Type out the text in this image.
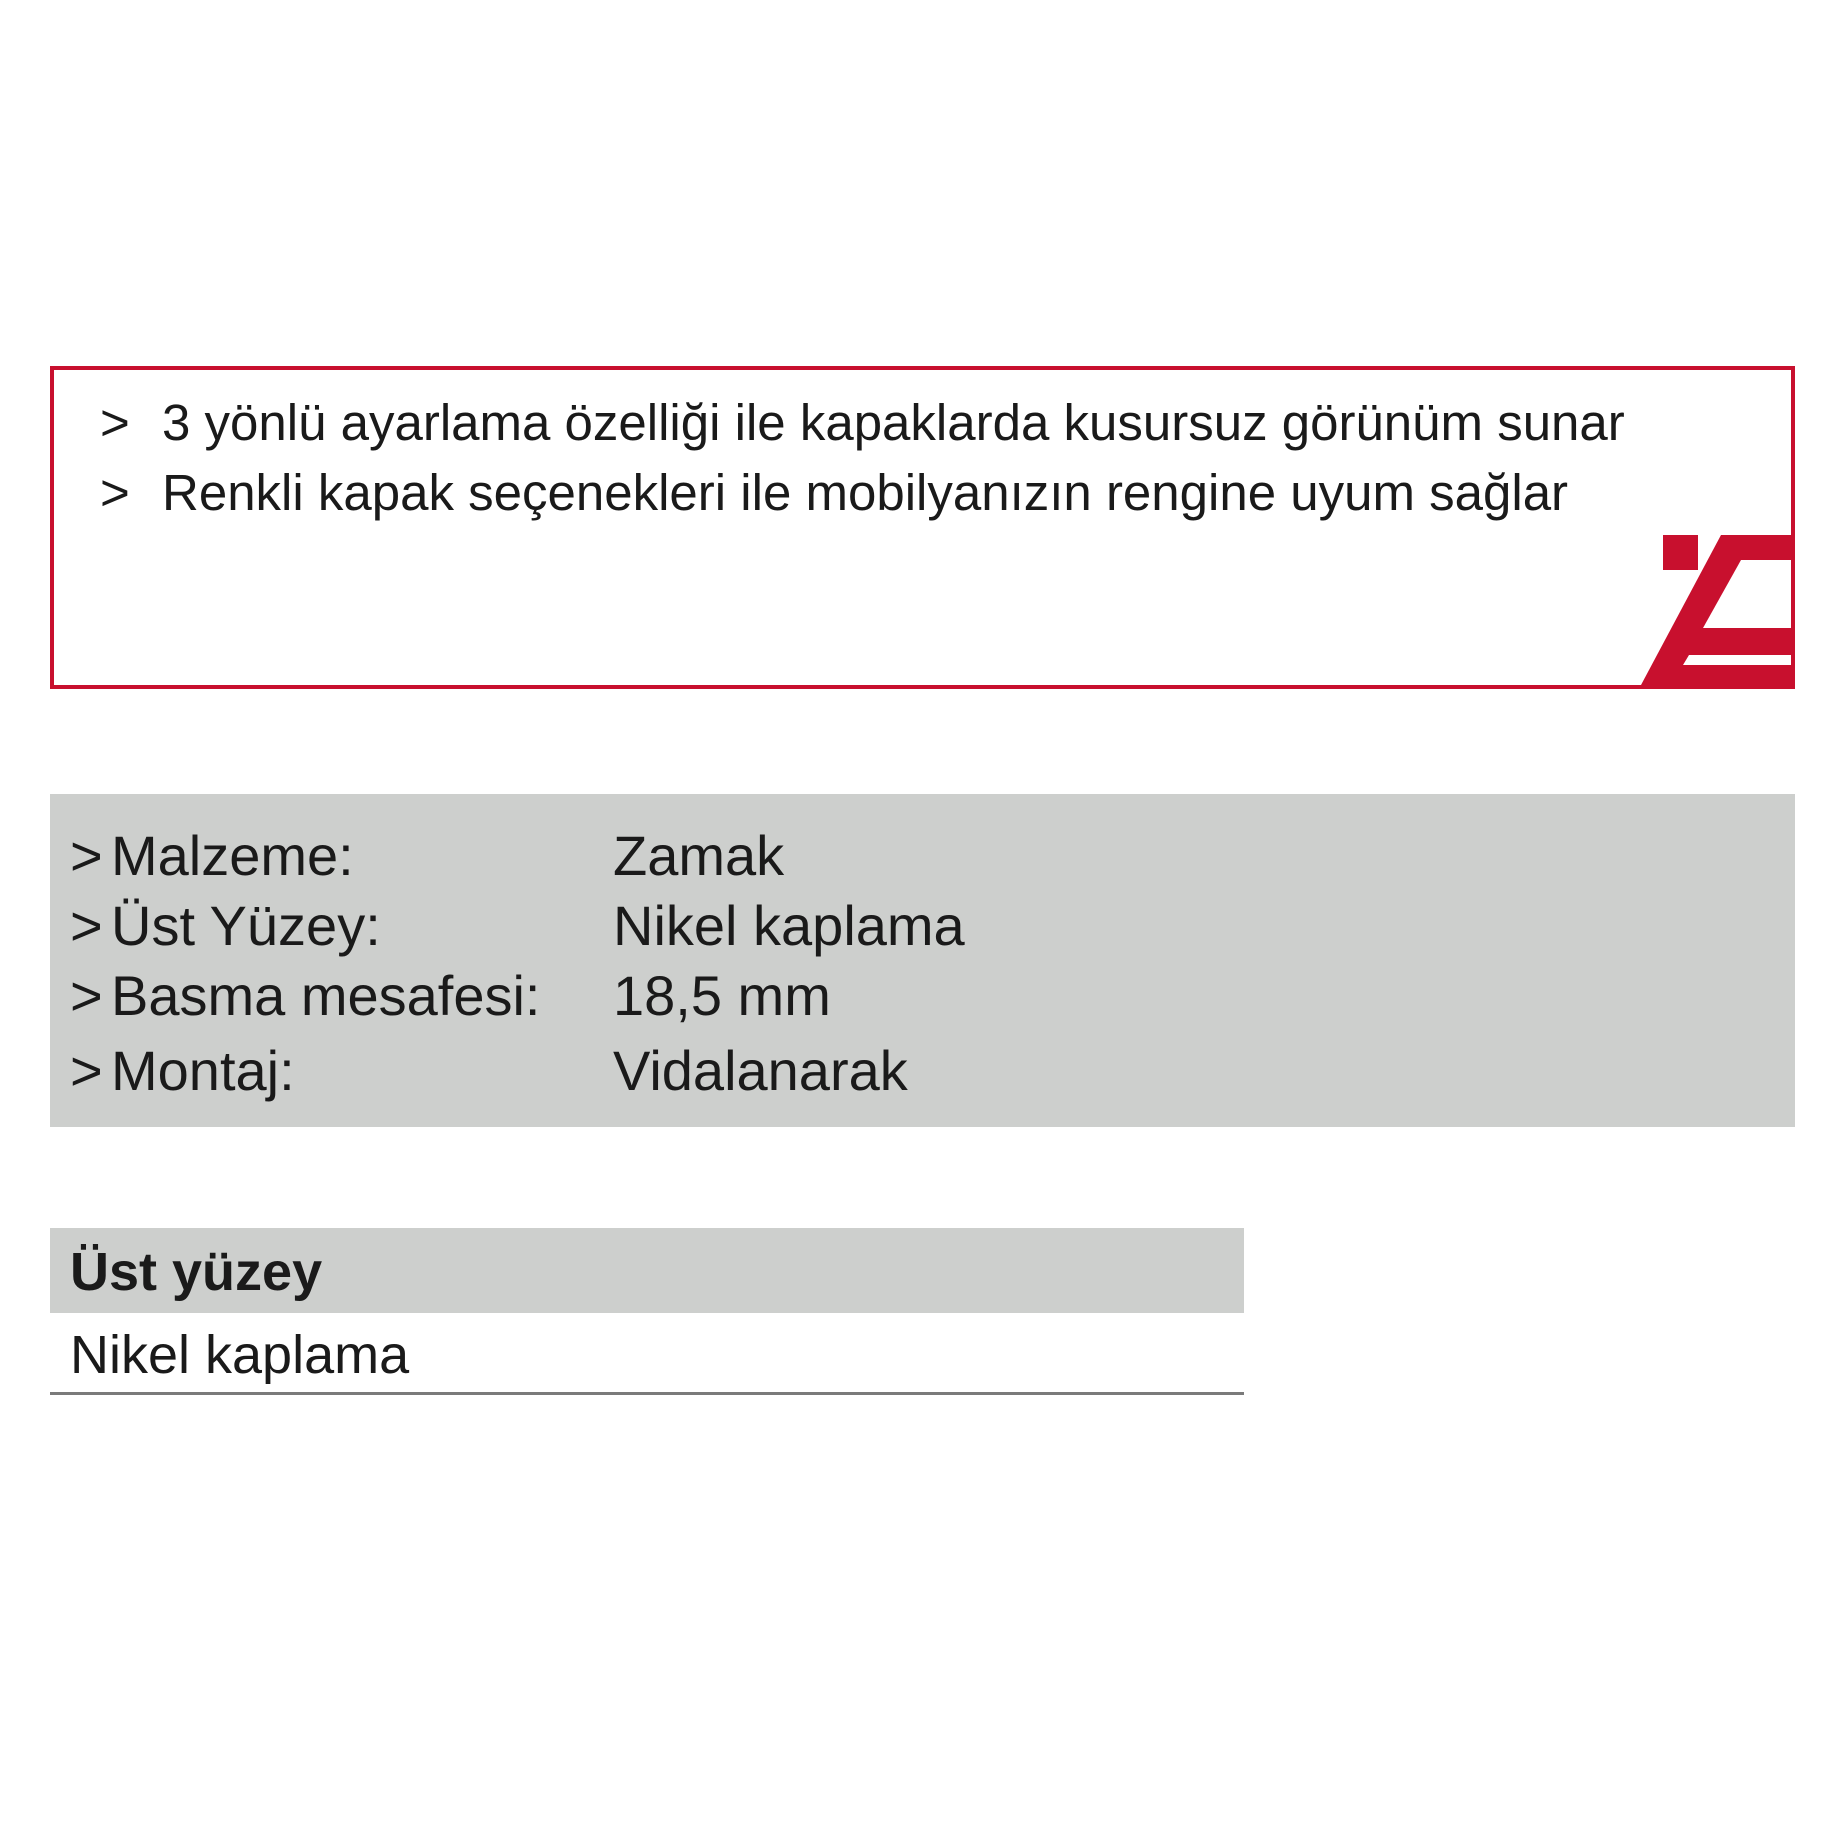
> 3 yönlü ayarlama özelliği ile kapaklarda kusursuz görünüm sunar
> Renkli kapak seçenekleri ile mobilyanızın rengine uyum sağlar
> Malzeme:	Zamak
> Üst Yüzey:	Nikel kaplama
> Basma mesafesi: 18,5 mm
> Montaj:	Vidalanarak
Üst yüzey
Nikel kaplama
